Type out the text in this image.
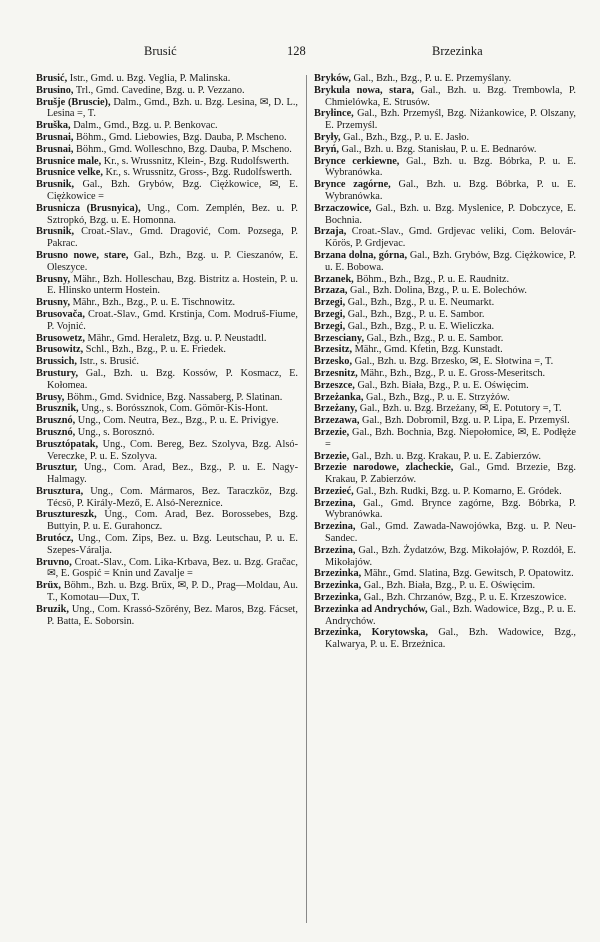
Brusić	128	Brzezinka

Brusić, Istr., Gmd. u. Bzg. Veglia, P. Malinska.

Brusino, Trl., Gmd. Cavedine, Bzg. u. P. Vezzano.

Brušje (Bruscie), Dalm., Gmd., Bzh. u. Bzg. Lesina, ✉, D. L., Lesina =, T.

Bruška, Dalm., Gmd., Bzg. u. P. Benkovac.

Brusnai, Böhm., Gmd. Liebowies, Bzg. Dauba, P. Mscheno.

Brusnai, Böhm., Gmd. Wolleschno, Bzg. Dauba, P. Mscheno.

Brusnice male, Kr., s. Wrussnitz, Klein-, Bzg. Rudolfswerth.

Brusnice velke, Kr., s. Wrussnitz, Gross-, Bzg. Rudolfswerth.

Brusnik, Gal., Bzh. Grybów, Bzg. Ciężkowice, ✉, E. Ciężkowice =

Brusnicza (Brusnyica), Ung., Com. Zemplén, Bez. u. P. Sztropkó, Bzg. u. E. Homonna.

Brusnik, Croat.-Slav., Gmd. Dragović, Com. Pozsega, P. Pakrac.

Brusno nowe, stare, Gal., Bzh., Bzg. u. P. Cieszanów, E. Oleszyce.

Brusny, Mähr., Bzh. Holleschau, Bzg. Bistritz a. Hostein, P. u. E. Hlinsko unterm Hostein.

Brusny, Mähr., Bzh., Bzg., P. u. E. Tischnowitz.

Brusovača, Croat.-Slav., Gmd. Krstinja, Com. Modruš-Fiume, P. Vojnić.

Brusowetz, Mähr., Gmd. Heraletz, Bzg. u. P. Neustadtl.

Brusowitz, Schl., Bzh., Bzg., P. u. E. Friedek.

Brussich, Istr., s. Brusić.

Brustury, Gal., Bzh. u. Bzg. Kossów, P. Kosmacz, E. Kołomea.

Brusy, Böhm., Gmd. Svidnice, Bzg. Nassaberg, P. Slatinan.

Brusznik, Ung., s. Boróssznok, Com. Gömör-Kis-Hont.

Brusznó, Ung., Com. Neutra, Bez., Bzg., P. u. E. Privigye.

Brusznó, Ung., s. Borosznó.

Brusztópatak, Ung., Com. Bereg, Bez. Szolyva, Bzg. Alsó-Vereczke, P. u. E. Szolyva.

Brusztur, Ung., Com. Arad, Bez., Bzg., P. u. E. Nagy-Halmagy.

Brusztura, Ung., Com. Mármaros, Bez. Taraczköz, Bzg. Técsö, P. Király-Mező, E. Alsó-Nereznice.

Brusztureszk, Ung., Com. Arad, Bez. Borossebes, Bzg. Buttyin, P. u. E. Gurahoncz.

Brutócz, Ung., Com. Zips, Bez. u. Bzg. Leutschau, P. u. E. Szepes-Váralja.

Bruvno, Croat.-Slav., Com. Lika-Krbava, Bez. u. Bzg. Gračac, ✉, E. Gospić = Knin und Zavalje =

Brüx, Böhm., Bzh. u. Bzg. Brüx, ✉, P. D., Prag—Moldau, Au. T., Komotau—Dux, T.

Bruzik, Ung., Com. Krassó-Szörény, Bez. Maros, Bzg. Fácset, P. Batta, E. Soborsin.

Bryków, Gal., Bzh., Bzg., P. u. E. Przemyślany.

Brykula nowa, stara, Gal., Bzh. u. Bzg. Trembowla, P. Chmielówka, E. Strusów.

Bryłince, Gal., Bzh. Przemyśl, Bzg. Niżankowice, P. Olszany, E. Przemyśl.

Bryły, Gal., Bzh., Bzg., P. u. E. Jasło.

Bryń, Gal., Bzh. u. Bzg. Stanisłau, P. u. E. Bednarów.

Brynce cerkiewne, Gal., Bzh. u. Bzg. Bóbrka, P. u. E. Wybranówka.

Brynce zagórne, Gal., Bzh. u. Bzg. Bóbrka, P. u. E. Wybranówka.

Brzaczowice, Gal., Bzh. u. Bzg. Myslenice, P. Dobczyce, E. Bochnia.

Brzaja, Croat.-Slav., Gmd. Grdjevac veliki, Com. Belovár-Körös, P. Grdjevac.

Brzana dolna, górna, Gal., Bzh. Grybów, Bzg. Ciężkowice, P. u. E. Bobowa.

Brzanek, Böhm., Bzh., Bzg., P. u. E. Raudnitz.

Brzaza, Gal., Bzh. Dolina, Bzg., P. u. E. Bolechów.

Brzegi, Gal., Bzh., Bzg., P. u. E. Neumarkt.

Brzegi, Gal., Bzh., Bzg., P. u. E. Sambor.

Brzegi, Gal., Bzh., Bzg., P. u. E. Wieliczka.

Brzesciany, Gal., Bzh., Bzg., P. u. E. Sambor.

Brzesitz, Mähr., Gmd. Kfetin, Bzg. Kunstadt.

Brzesko, Gal., Bzh. u. Bzg. Brzesko, ✉, E. Słotwina =, T.

Brzesnitz, Mähr., Bzh., Bzg., P. u. E. Gross-Meseritsch.

Brzeszce, Gal., Bzh. Biała, Bzg., P. u. E. Oświęcim.

Brzeżanka, Gal., Bzh., Bzg., P. u. E. Strzyżów.

Brzeżany, Gal., Bzh. u. Bzg. Brzeżany, ✉, E. Potutory =, T.

Brzezawa, Gal., Bzh. Dobromil, Bzg. u. P. Lipa, E. Przemyśl.

Brzezie, Gal., Bzh. Bochnia, Bzg. Niepołomice, ✉, E. Podłęże =

Brzezie, Gal., Bzh. u. Bzg. Krakau, P. u. E. Zabierzów.

Brzezie narodowe, zlacheckie, Gal., Gmd. Brzezie, Bzg. Krakau, P. Zabierzów.

Brzezieć, Gal., Bzh. Rudki, Bzg. u. P. Komarno, E. Gródek.

Brzezina, Gal., Gmd. Brynce zagórne, Bzg. Bóbrka, P. Wybranówka.

Brzezina, Gal., Gmd. Zawada-Nawojówka, Bzg. u. P. Neu-Sandec.

Brzezina, Gal., Bzh. Żydatzów, Bzg. Mikołajów, P. Rozdół, E. Mikołajów.

Brzezinka, Mähr., Gmd. Slatina, Bzg. Gewitsch, P. Opatowitz.

Brzezinka, Gal., Bzh. Biała, Bzg., P. u. E. Oświęcim.

Brzezinka, Gal., Bzh. Chrzanów, Bzg., P. u. E. Krzeszowice.

Brzezinka ad Andrychów, Gal., Bzh. Wadowice, Bzg., P. u. E. Andrychów.

Brzezinka, Korytowska, Gal., Bzh. Wadowice, Bzg., Kalwarya, P. u. E. Brzeźnica.
